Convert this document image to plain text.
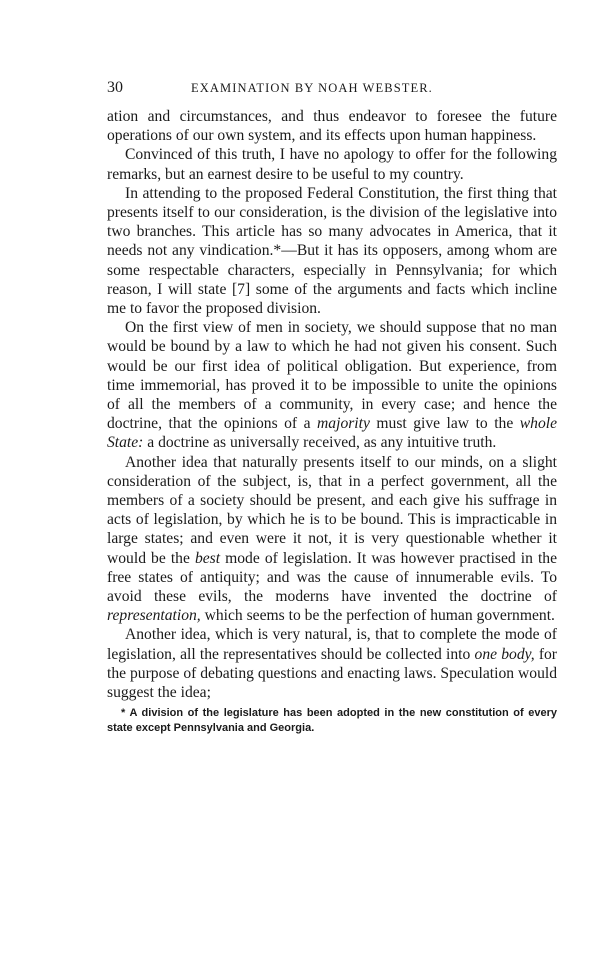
30	EXAMINATION BY NOAH WEBSTER.

ation and circumstances, and thus endeavor to foresee the future operations of our own system, and its effects upon human happiness.

Convinced of this truth, I have no apology to offer for the following remarks, but an earnest desire to be useful to my country.

In attending to the proposed Federal Constitution, the first thing that presents itself to our consideration, is the division of the legislative into two branches. This article has so many advocates in America, that it needs not any vindication.*—But it has its opposers, among whom are some respectable characters, especially in Pennsylvania; for which reason, I will state [7] some of the arguments and facts which incline me to favor the proposed division.

On the first view of men in society, we should suppose that no man would be bound by a law to which he had not given his consent. Such would be our first idea of political obligation. But experience, from time immemorial, has proved it to be impossible to unite the opinions of all the members of a community, in every case; and hence the doctrine, that the opinions of a majority must give law to the whole State: a doctrine as universally received, as any intuitive truth.

Another idea that naturally presents itself to our minds, on a slight consideration of the subject, is, that in a perfect government, all the members of a society should be present, and each give his suffrage in acts of legislation, by which he is to be bound. This is impracticable in large states; and even were it not, it is very questionable whether it would be the best mode of legislation. It was however practised in the free states of antiquity; and was the cause of innumerable evils. To avoid these evils, the moderns have invented the doctrine of representation, which seems to be the perfection of human government.

Another idea, which is very natural, is, that to complete the mode of legislation, all the representatives should be collected into one body, for the purpose of debating questions and enacting laws. Speculation would suggest the idea;

* A division of the legislature has been adopted in the new constitution of every state except Pennsylvania and Georgia.
